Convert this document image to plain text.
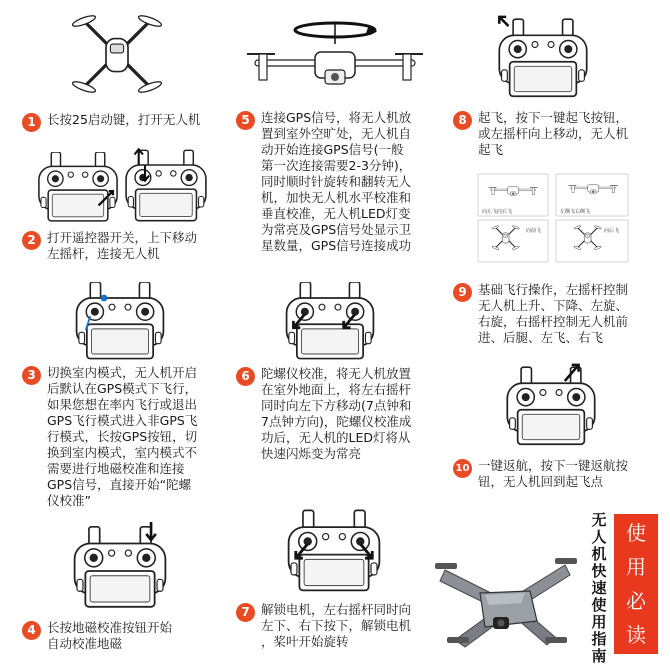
向左飞向右飞	左侧飞右侧飞
向前飞	向后飞
1 长按25启动键，打开无人机
2 打开遥控器开关，上下移动
左摇杆，连接无人机
3 切换室内模式，无人机开启
后默认在GPS模式下飞行，
如果您想在率内飞行或退出
GPS飞行模式进入非GPS飞
行模式，长按GPS按钮，切
换到室内模式，室内模式不
需要进行地磁校准和连接
GPS信号，直接开始“陀螺
仪校准”
4 长按地磁校准按钮开始
自动校准地磁
5 连接GPS信号，将无人机放
置到室外空旷处，无人机自
动开始连接GPS信号(一般
第一次连接需要2-3分钟)，
同时顺时针旋转和翻转无人
机，加快无人机水平校准和
垂直校准，无人机LED灯变
为常亮及GPS信号处显示卫
星数量，GPS信号连接成功
6 陀螺仪校准，将无人机放置
在室外地面上，将左右摇杆
同时向左下方移动(7点钟和
7点钟方向)，陀螺仪校准成
功后，无人机的LED灯将从
快速闪烁变为常亮
7 解锁电机，左右摇杆同时向
左下、右下按下，解锁电机
，桨叶开始旋转
8 起飞，按下一键起飞按钮，
或左摇杆向上移动，无人机
起飞
9 基础飞行操作，左摇杆控制
无人机上升、下降、左旋、
右旋，右摇杆控制无人机前
进、后腿、左飞、右飞
10 一键返航，按下一键返航按
钮，无人机回到起飞点
无人机快速使用指南
使用必读
